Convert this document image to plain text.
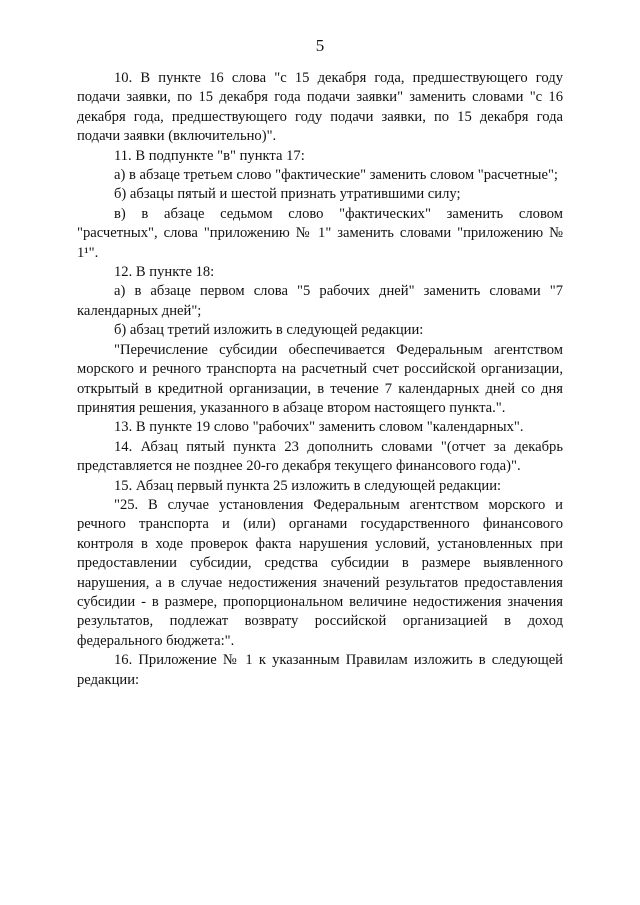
5

10. В пункте 16 слова "с 15 декабря года, предшествующего году подачи заявки, по 15 декабря года подачи заявки" заменить словами "с 16 декабря года, предшествующего году подачи заявки, по 15 декабря года подачи заявки (включительно)".

11. В подпункте "в" пункта 17:

а) в абзаце третьем слово "фактические" заменить словом "расчетные";

б) абзацы пятый и шестой признать утратившими силу;

в) в абзаце седьмом слово "фактических" заменить словом "расчетных", слова "приложению № 1" заменить словами "приложению № 1¹".

12. В пункте 18:

а) в абзаце первом слова "5 рабочих дней" заменить словами "7 календарных дней";

б) абзац третий изложить в следующей редакции:

"Перечисление субсидии обеспечивается Федеральным агентством морского и речного транспорта на расчетный счет российской организации, открытый в кредитной организации, в течение 7 календарных дней со дня принятия решения, указанного в абзаце втором настоящего пункта.".

13. В пункте 19 слово "рабочих" заменить словом "календарных".

14. Абзац пятый пункта 23 дополнить словами "(отчет за декабрь представляется не позднее 20-го декабря текущего финансового года)".

15. Абзац первый пункта 25 изложить в следующей редакции:

"25. В случае установления Федеральным агентством морского и речного транспорта и (или) органами государственного финансового контроля в ходе проверок факта нарушения условий, установленных при предоставлении субсидии, средства субсидии в размере выявленного нарушения, а в случае недостижения значений результатов предоставления субсидии - в размере, пропорциональном величине недостижения значения результатов, подлежат возврату российской организацией в доход федерального бюджета:".

16. Приложение № 1 к указанным Правилам изложить в следующей редакции:
